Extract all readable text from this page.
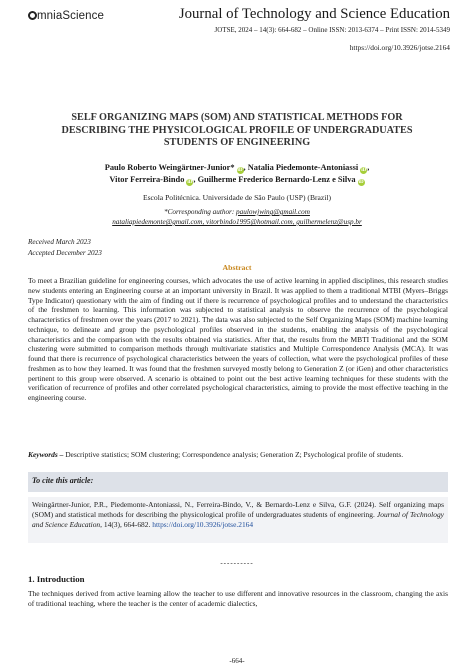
mniaScience	Journal of Technology and Science Education
JOTSE, 2024 – 14(3): 664-682 – Online ISSN: 2013-6374 – Print ISSN: 2014-5349
https://doi.org/10.3926/jotse.2164
SELF ORGANIZING MAPS (SOM) AND STATISTICAL METHODS FOR DESCRIBING THE PHYSICOLOGICAL PROFILE OF UNDERGRADUATES STUDENTS OF ENGINEERING
Paulo Roberto Weingärtner-Junior* iD, Natalia Piedemonte-Antoniassi iD,
Vitor Ferreira-Bindo iD, Guilherme Frederico Bernardo-Lenz e Silva iD
Escola Politécnica. Universidade de São Paulo (USP) (Brazil)
*Corresponding author: paulowjwing@gmail.com
nataliapiedemonte@gmail.com, vitorbindo1995@hotmail.com, guilhermelenz@usp.br
Received March 2023
Accepted December 2023
Abstract
To meet a Brazilian guideline for engineering courses, which advocates the use of active learning in applied disciplines, this research studies new students entering an Engineering course at an important university in Brazil. It was applied to them a traditional MTBI (Myers–Briggs Type Indicator) questionary with the aim of finding out if there is recurrence of psychological profiles and to understand the characteristics of the freshmen to learning. This information was subjected to statistical analysis to observe the recurrence of the psychological characteristics of freshmen over the years (2017 to 2021). The data was also subjected to the Self Organizing Maps (SOM) machine learning technique, to delineate and group the psychological profiles observed in the students, enabling the analysis of the psychological characteristics and the comparison with the results obtained via statistics. After that, the results from the MBTI Traditional and the SOM clustering were submitted to comparison methods through multivariate statistics and Multiple Correspondence Analysis (MCA). It was found that there is recurrence of psychological characteristics between the years of collection, what were the psychological profiles of these freshmen as to how they learned. It was found that the freshmen surveyed mostly belong to Generation Z (or iGen) and other characteristics pertinent to this group were observed. A scenario is obtained to point out the best active learning techniques for these students with the verification of recurrence of profiles and other correlated psychological characteristics, aiming to provide the most effective teaching in the engineering course.
Keywords – Descriptive statistics; SOM clustering; Correspondence analysis; Generation Z; Psychological profile of students.
To cite this article:
Weingärtner-Junior, P.R., Piedemonte-Antoniassi, N., Ferreira-Bindo, V., & Bernardo-Lenz e Silva, G.F. (2024). Self organizing maps (SOM) and statistical methods for describing the physicological profile of undergraduates students of engineering. Journal of Technology and Science Education, 14(3), 664-682. https://doi.org/10.3926/jotse.2164
----------
1. Introduction
The techniques derived from active learning allow the teacher to use different and innovative resources in the classroom, changing the axis of traditional teaching, where the teacher is the center of academic dialectics,
-664-
